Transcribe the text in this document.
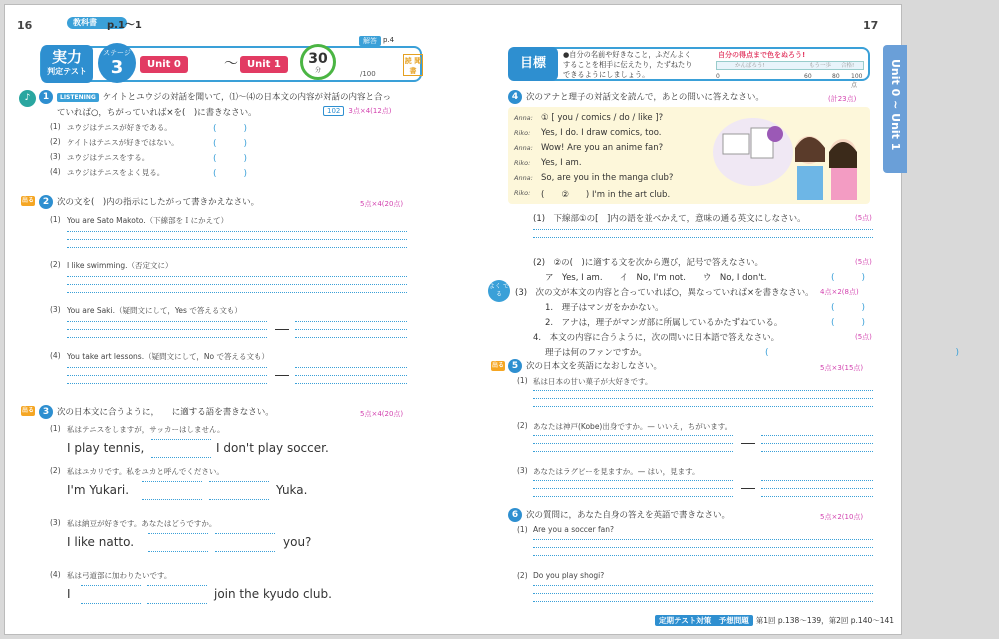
16	教科書	p.1〜1
実力
判定テスト
ステージ
3	Unit 0	〜 Unit 1	30
分
解答 p.4
/100
読 聞 書
♪	1 LISTENING ケイトとユウジの対話を聞いて，⑴〜⑷の日本文の内容が対話の内容と合っ
ていれば○，ちがっていれば×を(　)に書きなさい。	102 3点×4(12点)
(1) ユウジはテニスが好きである。	(　　　)
(2) ケイトはテニスが好きではない。	(　　　)
(3) ユウジはテニスをする。	(　　　)
(4) ユウジはテニスをよく見る。	(　　　)
出る 2 次の文を(　)内の指示にしたがって書きかえなさい。	5点×4(20点)
(1) You are Sato Makoto.（下線部をＩにかえて）
(2) I like swimming.（否定文に）
(3) You are Saki.（疑問文にして，Yes で答える文も）
(4) You take art lessons.（疑問文にして，No で答える文も）
出る 3 次の日本文に合うように，　　に適する語を書きなさい。	5点×4(20点)
(1) 私はテニスをしますが，サッカーはしません。
I play tennis,	I don't play soccer.
(2) 私はユカリです。私をユカと呼んでください。
I'm Yukari.	Yuka.
(3) 私は納豆が好きです。あなたはどうですか。
I like natto.	you?
(4) 私は弓道部に加わりたいです。
I	join the kyudo club.
17
目標
●自分の名前や好きなこと，ふだんよく
することを相手に伝えたり，たずねたり
できるようにしましょう。
自分の得点まで色をぬろう!
かんばろう!	もう一歩 合格!
0	60	80 100点
4 次のアナと理子の対話文を読んで，あとの問いに答えなさい。	(計23点)
Anna: ① [ you / comics / do / like ]?
Riko: Yes, I do. I draw comics, too.
Anna: Wow! Are you an anime fan?
Riko: Yes, I am.
Anna: So, are you in the manga club?
Riko: (　　②　　) I'm in the art club.
(1)　下線部①の[　]内の語を並べかえて，意味の通る英文にしなさい。	(5点)
(2)　②の(　)に適する文を次から選び，記号で答えなさい。	(5点)
ア　Yes, I am.　　イ　No, I'm not.　　ウ　No, I don't.	(　　　)
よく でる	(3)　次の文が本文の内容と合っていれば○，異なっていれば×を書きなさい。 4点×2(8点)
1.　理子はマンガをかかない。	(　　　)
2.　アナは，理子がマンガ部に所属しているかたずねている。	(　　　)
4.　本文の内容に合うように，次の問いに日本語で答えなさい。	(5点)
理子は何のファンですか。	(　　　)
出る 5 次の日本文を英語になおしなさい。	5点×3(15点)
(1) 私は日本の甘い菓子が大好きです。
(2) あなたは神戸(Kobe)出身ですか。— いいえ，ちがいます。
(3) あなたはラグビーを見ますか。— はい，見ます。
6 次の質問に，あなた自身の答えを英語で書きなさい。	5点×2(10点)
(1) Are you a soccer fan?
(2) Do you play shogi?
Unit 0 ~ Unit 1
定期テスト対策　予想問題 第1回 p.138〜139，第2回 p.140〜141
